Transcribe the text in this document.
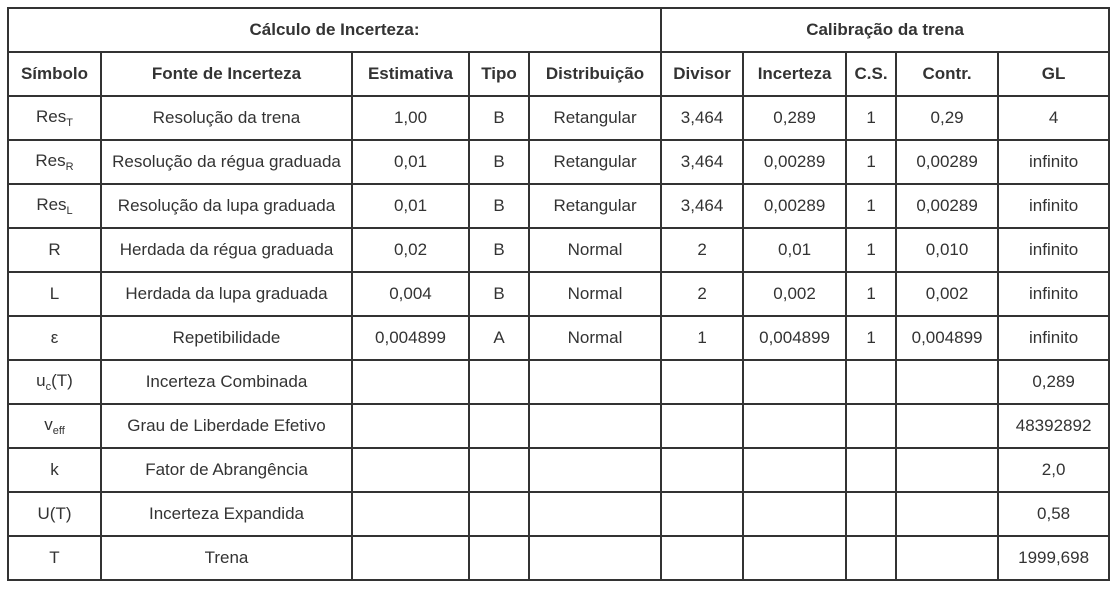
Cálculo de Incerteza:					Calibração da trena				
Símbolo	Fonte de Incerteza	Estimativa	Tipo	Distribuição	Divisor	Incerteza	C.S.	Contr.	GL
Res$_T$	Resolução da trena	1,00	B	Retangular	3,464	0,289	1	0,29	4
Res$_R$	Resolução da régua graduada	0,01	B	Retangular	3,464	0,00289	1	0,00289	infinito
Res$_L$	Resolução da lupa graduada	0,01	B	Retangular	3,464	0,00289	1	0,00289	infinito
R	Herdada da régua graduada	0,02	B	Normal	2	0,01	1	0,010	infinito
L	Herdada da lupa graduada	0,004	B	Normal	2	0,002	1	0,002	infinito
ε	Repetibilidade	0,004899	A	Normal	1	0,004899	1	0,004899	infinito
$u_c(T)$	Incerteza Combinada								0,289
$v_{eff}$	Grau de Liberdade Efetivo								48392892
k	Fator de Abrangência								2,0
U(T)	Incerteza Expandida								0,58
T	Trena								1999,698
